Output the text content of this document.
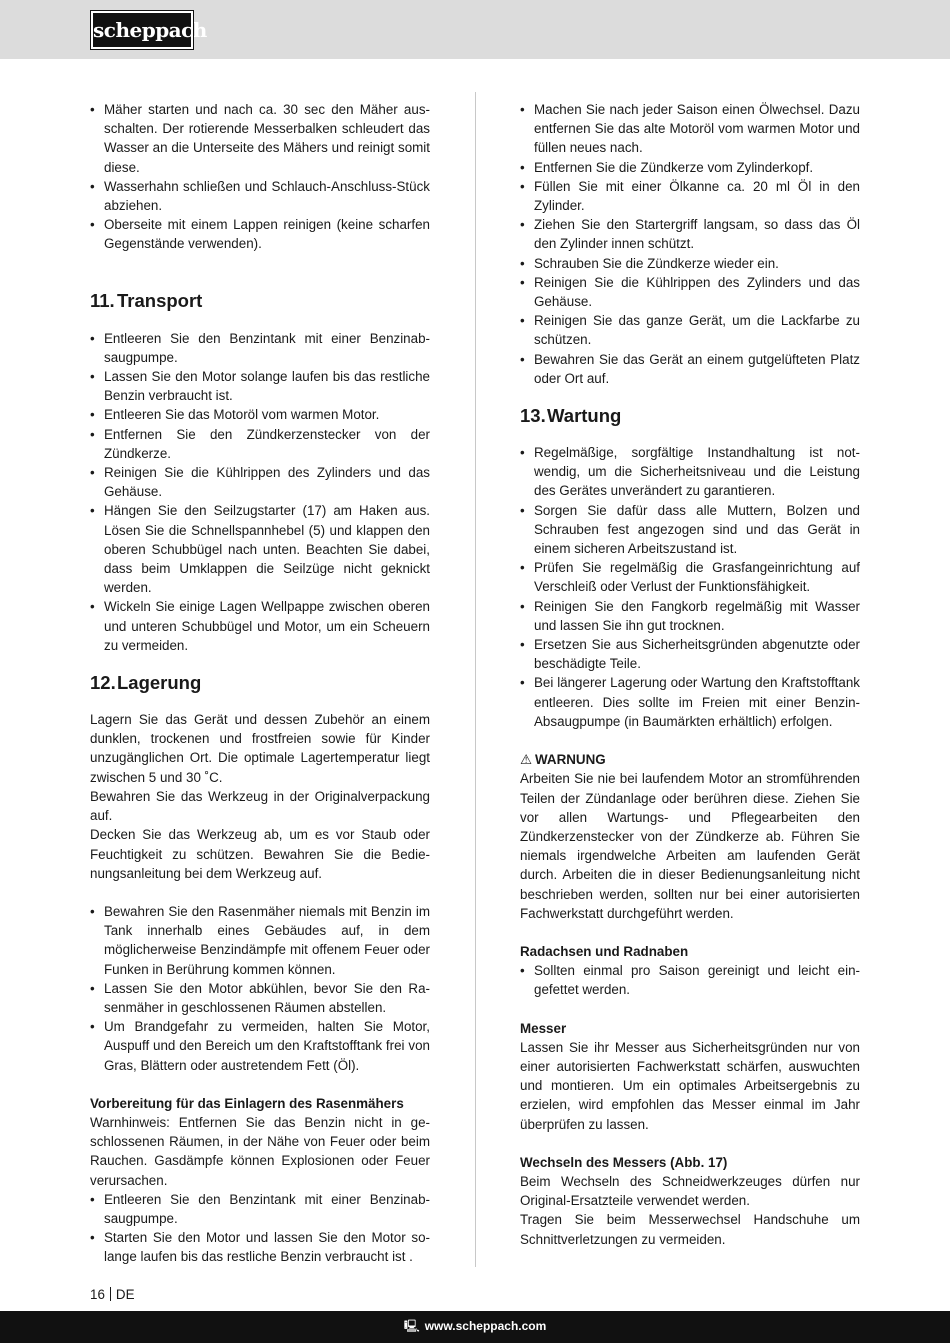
scheppach
• Mäher starten und nach ca. 30 sec den Mäher ausschalten. Der rotierende Messerbalken schleudert das Wasser an die Unterseite des Mähers und reinigt somit diese.
• Wasserhahn schließen und Schlauch-Anschluss-Stück abziehen.
• Oberseite mit einem Lappen reinigen (keine scharfen Gegenstände verwenden).
11. Transport
• Entleeren Sie den Benzintank mit einer Benzinabsaugpumpe.
• Lassen Sie den Motor solange laufen bis das restliche Benzin verbraucht ist.
• Entleeren Sie das Motoröl vom warmen Motor.
• Entfernen Sie den Zündkerzenstecker von der Zündkerze.
• Reinigen Sie die Kühlrippen des Zylinders und das Gehäuse.
• Hängen Sie den Seilzugstarter (17) am Haken aus. Lösen Sie die Schnellspannhebel (5) und klappen den oberen Schubbügel nach unten. Beachten Sie dabei, dass beim Umklappen die Seilzüge nicht geknickt werden.
• Wickeln Sie einige Lagen Wellpappe zwischen oberen und unteren Schubbügel und Motor, um ein Scheuern zu vermeiden.
12.Lagerung

Lagern Sie das Gerät und dessen Zubehör an einem dunklen, trockenen und frostfreien sowie für Kinder unzugänglichen Ort. Die optimale Lagertemperatur liegt zwischen 5 und 30 ˚C.

Bewahren Sie das Werkzeug in der Originalverpackung auf.

Decken Sie das Werkzeug ab, um es vor Staub oder Feuchtigkeit zu schützen. Bewahren Sie die Bedienungsanleitung bei dem Werkzeug auf.

• Bewahren Sie den Rasenmäher niemals mit Benzin im Tank innerhalb eines Gebäudes auf, in dem möglicherweise Benzindämpfe mit offenem Feuer oder Funken in Berührung kommen können.
• Lassen Sie den Motor abkühlen, bevor Sie den Rasenmäher in geschlossenen Räumen abstellen.
• Um Brandgefahr zu vermeiden, halten Sie Motor, Auspuff und den Bereich um den Kraftstofftank frei von Gras, Blättern oder austretendem Fett (Öl).

Vorbereitung für das Einlagern des Rasenmähers

Warnhinweis: Entfernen Sie das Benzin nicht in geschlossenen Räumen, in der Nähe von Feuer oder beim Rauchen. Gasdämpfe können Explosionen oder Feuer verursachen.

• Entleeren Sie den Benzintank mit einer Benzinabsaugpumpe.
• Starten Sie den Motor und lassen Sie den Motor solange laufen bis das restliche Benzin verbraucht ist .
• Machen Sie nach jeder Saison einen Ölwechsel. Dazu entfernen Sie das alte Motoröl vom warmen Motor und füllen neues nach.
• Entfernen Sie die Zündkerze vom Zylinderkopf.
• Füllen Sie mit einer Ölkanne ca. 20 ml Öl in den Zylinder.
• Ziehen Sie den Startergriff langsam, so dass das Öl den Zylinder innen schützt.
• Schrauben Sie die Zündkerze wieder ein.
• Reinigen Sie die Kühlrippen des Zylinders und das Gehäuse.
• Reinigen Sie das ganze Gerät, um die Lackfarbe zu schützen.
• Bewahren Sie das Gerät an einem gutgelüfteten Platz oder Ort auf.
13.Wartung
• Regelmäßige, sorgfältige Instandhaltung ist notwendig, um die Sicherheitsniveau und die Leistung des Gerätes unverändert zu garantieren.
• Sorgen Sie dafür dass alle Muttern, Bolzen und Schrauben fest angezogen sind und das Gerät in einem sicheren Arbeitszustand ist.
• Prüfen Sie regelmäßig die Grasfangeinrichtung auf Verschleiß oder Verlust der Funktionsfähigkeit.
• Reinigen Sie den Fangkorb regelmäßig mit Wasser und lassen Sie ihn gut trocknen.
• Ersetzen Sie aus Sicherheitsgründen abgenutzte oder beschädigte Teile.
• Bei längerer Lagerung oder Wartung den Kraftstofftank entleeren. Dies sollte im Freien mit einer Benzin-Absaugpumpe (in Baumärkten erhältlich) erfolgen.

⚠ WARNUNG

Arbeiten Sie nie bei laufendem Motor an stromführenden Teilen der Zündanlage oder berühren diese. Ziehen Sie vor allen Wartungs- und Pflegearbeiten den Zündkerzenstecker von der Zündkerze ab. Führen Sie niemals irgendwelche Arbeiten am laufenden Gerät durch. Arbeiten die in dieser Bedienungsanleitung nicht beschrieben werden, sollten nur bei einer autorisierten Fachwerkstatt durchgeführt werden.

Radachsen und Radnaben

• Sollten einmal pro Saison gereinigt und leicht eingefettet werden.

Messer

Lassen Sie ihr Messer aus Sicherheitsgründen nur von einer autorisierten Fachwerkstatt schärfen, auswuchten und montieren. Um ein optimales Arbeitsergebnis zu erzielen, wird empfohlen das Messer einmal im Jahr überprüfen zu lassen.

Wechseln des Messers (Abb. 17)

Beim Wechseln des Schneidwerkzeuges dürfen nur Original-Ersatzteile verwendet werden.

Tragen Sie beim Messerwechsel Handschuhe um Schnittverletzungen zu vermeiden.

16 DE
🖳 www.scheppach.com
